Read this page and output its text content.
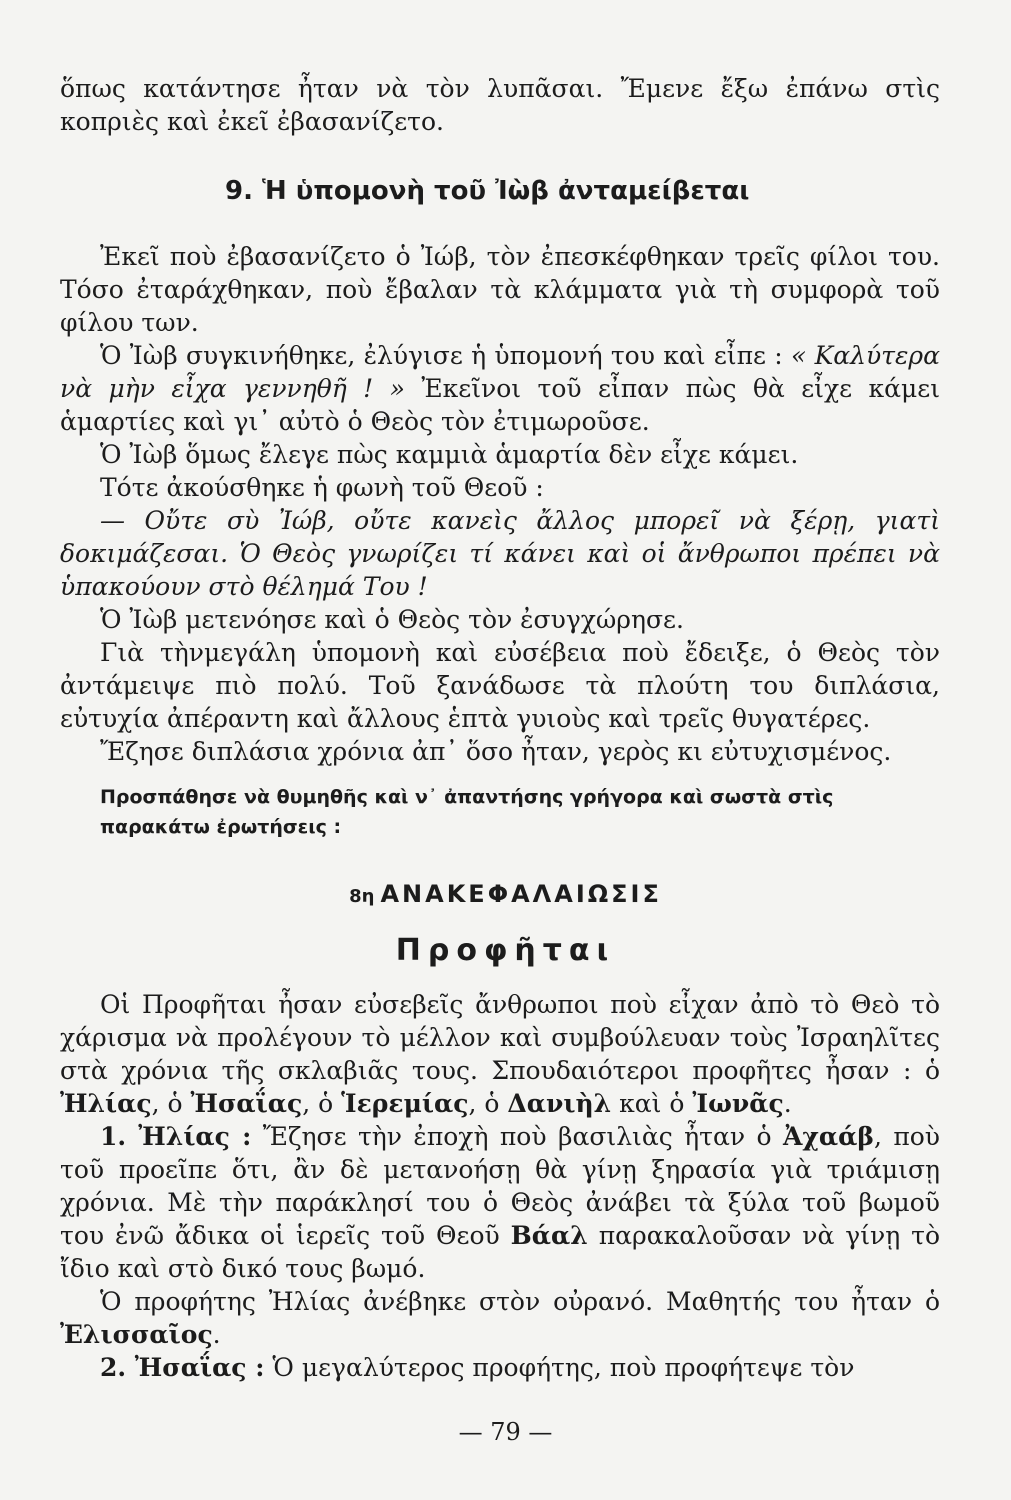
ὅπως κατάντησε ἦταν νὰ τὸν λυπᾶσαι. Ἔμενε ἔξω ἐπάνω στὶς κοπριὲς καὶ ἐκεῖ ἐβασανίζετο.

9. Ἡ ὑπομονὴ τοῦ Ἰὼβ ἀνταμείβεται

Ἐκεῖ ποὺ ἐβασανίζετο ὁ Ἰώβ, τὸν ἐπεσκέφθηκαν τρεῖς φίλοι του. Τόσο ἐταράχθηκαν, ποὺ ἔβαλαν τὰ κλάμματα γιὰ τὴ συμφορὰ τοῦ φίλου των.

Ὁ Ἰὼβ συγκινήθηκε, ἐλύγισε ἡ ὑπομονή του καὶ εἶπε : « Καλύτερα νὰ μὴν εἶχα γεννηθῆ ! » Ἐκεῖνοι τοῦ εἶπαν πὼς θὰ εἶχε κάμει ἁμαρτίες καὶ γι᾽ αὐτὸ ὁ Θεὸς τὸν ἐτιμωροῦσε.

Ὁ Ἰὼβ ὅμως ἔλεγε πὼς καμμιὰ ἁμαρτία δὲν εἶχε κάμει.

Τότε ἀκούσθηκε ἡ φωνὴ τοῦ Θεοῦ :

— Οὔτε σὺ Ἰώβ, οὔτε κανεὶς ἄλλος μπορεῖ νὰ ξέρῃ, γιατὶ δοκιμάζεσαι. Ὁ Θεὸς γνωρίζει τί κάνει καὶ οἱ ἄνθρωποι πρέπει νὰ ὑπακούουν στὸ θέλημά Του !

Ὁ Ἰὼβ μετενόησε καὶ ὁ Θεὸς τὸν ἐσυγχώρησε.

Γιὰ τὴνμεγάλη ὑπομονὴ καὶ εὐσέβεια ποὺ ἔδειξε, ὁ Θεὸς τὸν ἀντάμειψε πιὸ πολύ. Τοῦ ξανάδωσε τὰ πλούτη του διπλάσια, εὐτυχία ἀπέραντη καὶ ἄλλους ἑπτὰ γυιοὺς καὶ τρεῖς θυγατέρες.

Ἔζησε διπλάσια χρόνια ἀπ᾽ ὅσο ἦταν, γερὸς κι εὐτυχισμένος.

Προσπάθησε νὰ θυμηθῆς καὶ ν᾽ ἀπαντήσης γρήγορα καὶ σωστὰ στὶς παρακάτω ἐρωτήσεις :
8η ΑΝΑΚΕΦΑΛΑΙΩΣΙΣ
Προφῆται

Οἱ Προφῆται ἦσαν εὐσεβεῖς ἄνθρωποι ποὺ εἶχαν ἀπὸ τὸ Θεὸ τὸ χάρισμα νὰ προλέγουν τὸ μέλλον καὶ συμβούλευαν τοὺς Ἰσραηλῖτες στὰ χρόνια τῆς σκλαβιᾶς τους. Σπουδαιότεροι προφῆτες ἦσαν : ὁ Ἠλίας, ὁ Ἠσαΐας, ὁ Ἱερεμίας, ὁ Δανιὴλ καὶ ὁ Ἰωνᾶς.

1. Ἠλίας : Ἔζησε τὴν ἐποχὴ ποὺ βασιλιὰς ἦταν ὁ Ἀχαάβ, ποὺ τοῦ προεῖπε ὅτι, ἂν δὲ μετανοήσῃ θὰ γίνῃ ξηρασία γιὰ τριάμισῃ χρόνια. Μὲ τὴν παράκλησί του ὁ Θεὸς ἀνάβει τὰ ξύλα τοῦ βωμοῦ του ἐνῶ ἄδικα οἱ ἱερεῖς τοῦ Θεοῦ Βάαλ παρακαλοῦσαν νὰ γίνῃ τὸ ἴδιο καὶ στὸ δικό τους βωμό.

Ὁ προφήτης Ἠλίας ἀνέβηκε στὸν οὐρανό. Μαθητής του ἦταν ὁ Ἐλισσαῖος.

2. Ἠσαΐας : Ὁ μεγαλύτερος προφήτης, ποὺ προφήτεψε τὸν

— 79 —
